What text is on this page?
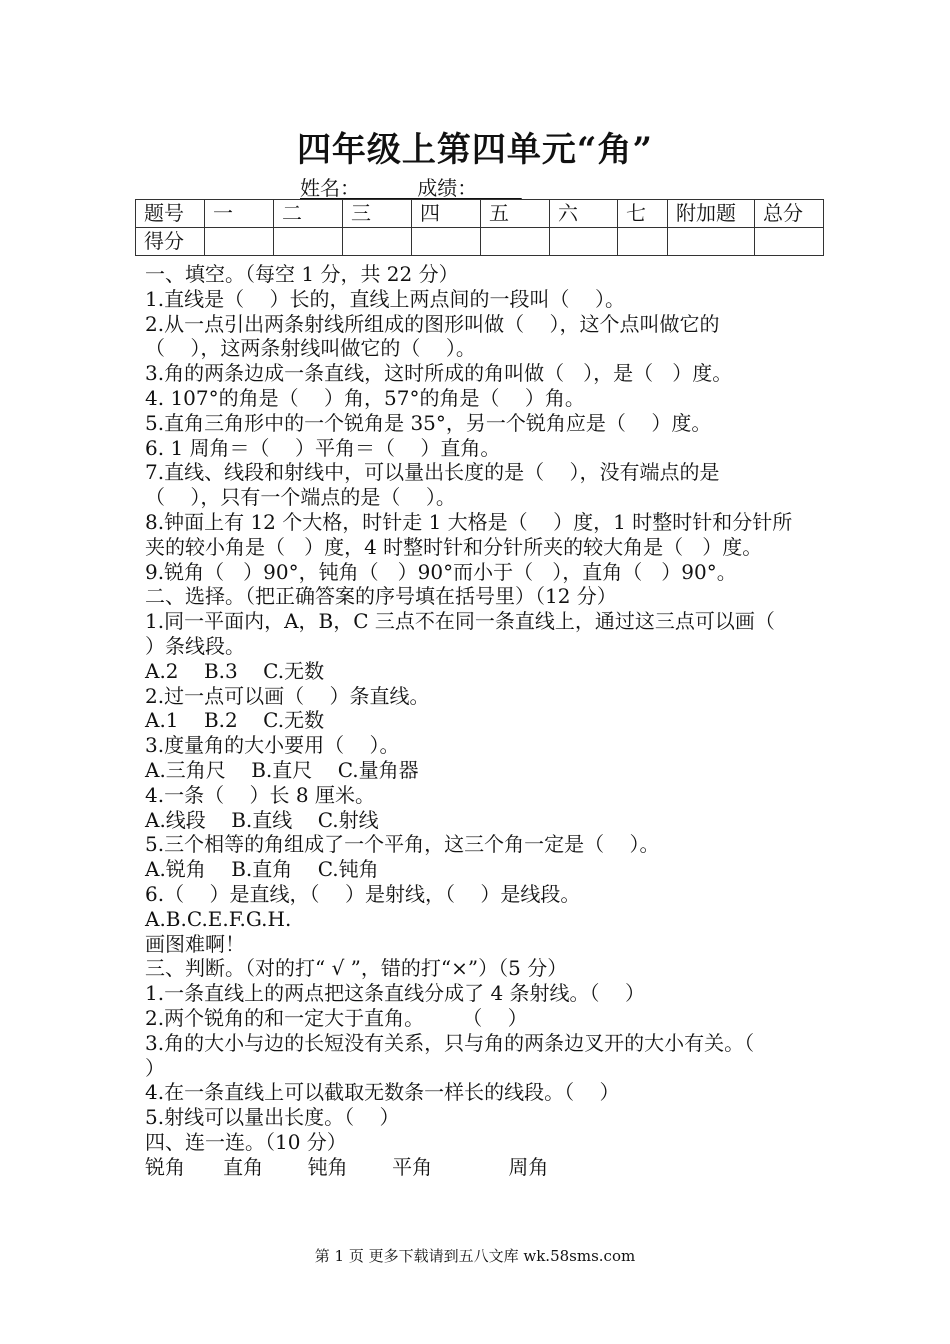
四年级上第四单元“角”
姓名：         成绩：
题号	一	二	三	四	五	六	七	附加题	总分
得分									
一、填空。（每空 1 分，共 22 分）
1.直线是（    ）长的，直线上两点间的一段叫（    ）。
2.从一点引出两条射线所组成的图形叫做（    ），这个点叫做它的
（    ），这两条射线叫做它的（    ）。
3.角的两条边成一条直线，这时所成的角叫做（   ），是（   ）度。
4. 107°的角是（    ）角，57°的角是（    ）角。
5.直角三角形中的一个锐角是 35°，另一个锐角应是（    ）度。
6. 1 周角＝（    ）平角＝（    ）直角。
7.直线、线段和射线中，可以量出长度的是（    ），没有端点的是
（    ），只有一个端点的是（    ）。
8.钟面上有 12 个大格，时针走 1 大格是（    ）度，1 时整时针和分针所
夹的较小角是（   ）度，4 时整时针和分针所夹的较大角是（   ）度。
9.锐角（   ）90°，钝角（   ）90°而小于（   ），直角（   ）90°。
二、选择。（把正确答案的序号填在括号里）（12 分）
1.同一平面内，A，B，C 三点不在同一条直线上，通过这三点可以画（
）条线段。
A.2    B.3    C.无数
2.过一点可以画（    ）条直线。
A.1    B.2    C.无数
3.度量角的大小要用（    ）。
A.三角尺    B.直尺    C.量角器
4.一条（    ）长 8 厘米。
A.线段    B.直线    C.射线
5.三个相等的角组成了一个平角，这三个角一定是（    ）。
A.锐角    B.直角    C.钝角
6.（    ）是直线，（    ）是射线，（    ）是线段。
A.B.C.E.F.G.H.
画图难啊！
三、判断。（对的打“ √ ”，错的打“×”）（5 分）
1.一条直线上的两点把这条直线分成了 4 条射线。（    ）
2.两个锐角的和一定大于直角。      （    ）
3.角的大小与边的长短没有关系，只与角的两条边叉开的大小有关。（
）
4.在一条直线上可以截取无数条一样长的线段。（    ）
5.射线可以量出长度。（    ）
四、连一连。（10 分）
锐角      直角       钝角       平角            周角
第 1 页 更多下载请到五八文库 wk.58sms.com
